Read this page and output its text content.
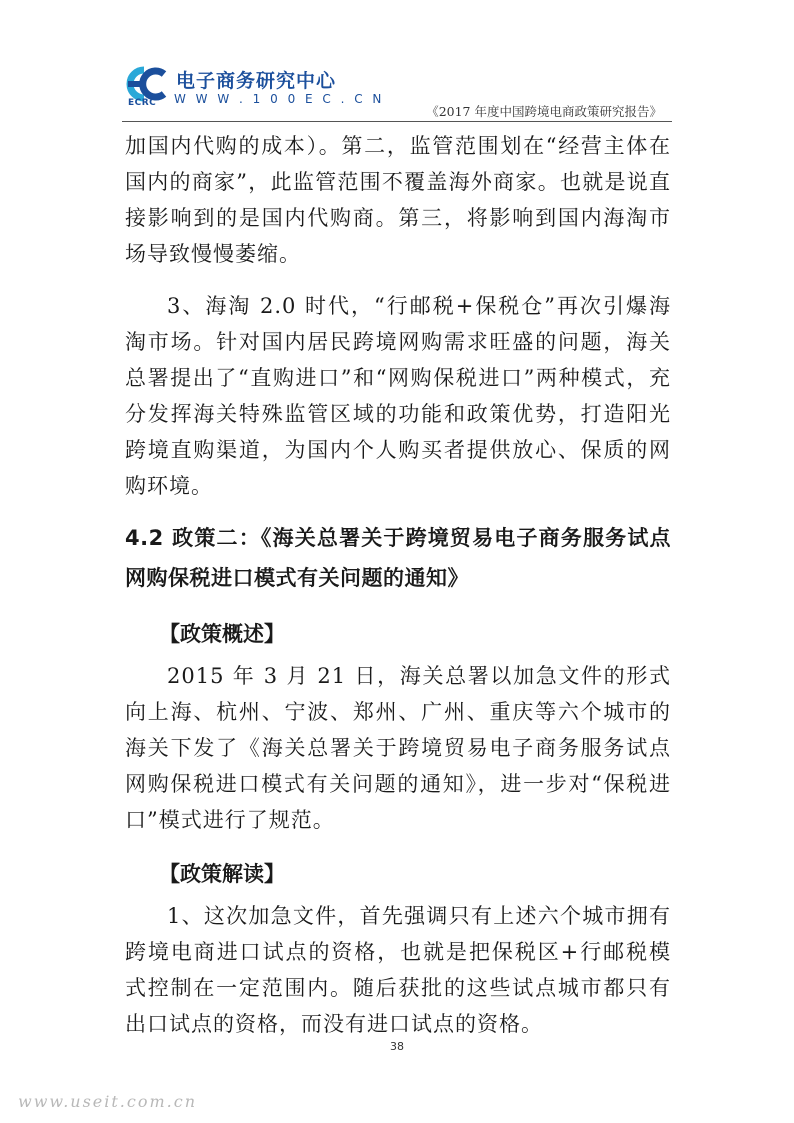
电子商务研究中心
ECRC W W W . 1 0 0 E C . C N
《2017 年度中国跨境电商政策研究报告》

加国内代购的成本）。第二，监管范围划在“经营主体在国内的商家”，此监管范围不覆盖海外商家。也就是说直接影响到的是国内代购商。第三，将影响到国内海淘市场导致慢慢萎缩。

3、海淘 2.0 时代，“行邮税+保税仓”再次引爆海淘市场。针对国内居民跨境网购需求旺盛的问题，海关总署提出了“直购进口”和“网购保税进口”两种模式，充分发挥海关特殊监管区域的功能和政策优势，打造阳光跨境直购渠道，为国内个人购买者提供放心、保质的网购环境。

4.2 政策二：《海关总署关于跨境贸易电子商务服务试点网购保税进口模式有关问题的通知》
【政策概述】

2015 年 3 月 21 日，海关总署以加急文件的形式向上海、杭州、宁波、郑州、广州、重庆等六个城市的海关下发了《海关总署关于跨境贸易电子商务服务试点网购保税进口模式有关问题的通知》，进一步对“保税进口”模式进行了规范。

【政策解读】

1、这次加急文件，首先强调只有上述六个城市拥有跨境电商进口试点的资格，也就是把保税区+行邮税模式控制在一定范围内。随后获批的这些试点城市都只有出口试点的资格，而没有进口试点的资格。

38
www.useit.com.cn
